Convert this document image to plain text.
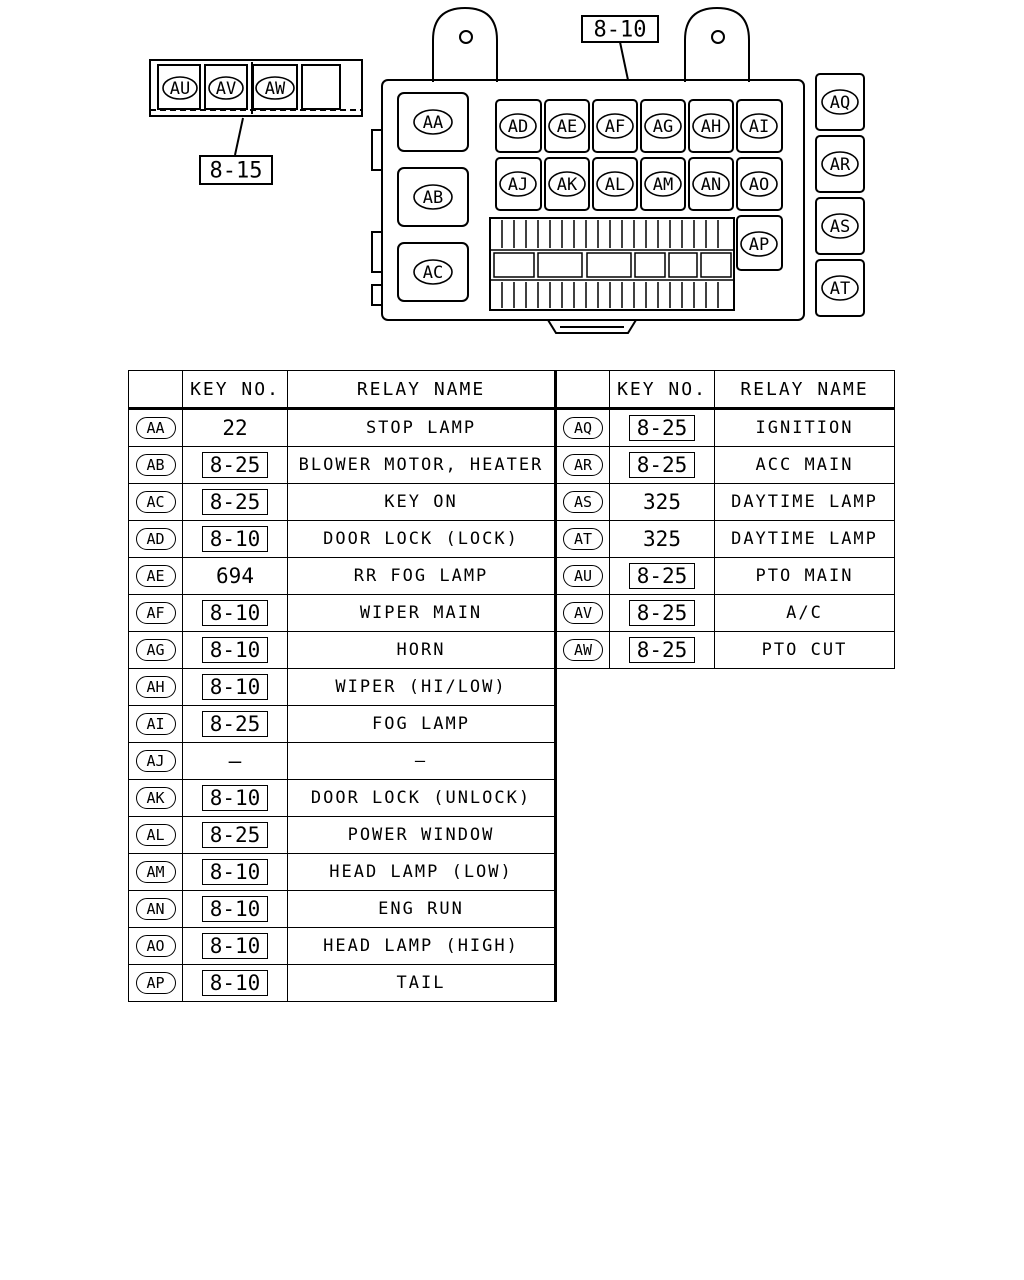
8-15
8-10
AU AV AW
AA
AB
AC
AD AE AF AG AH AI
AJ AK AL AM AN AO
AP
AQ
AR
AS
AT
	KEY NO.	RELAY NAME		KEY NO.	RELAY NAME
AA	22	STOP LAMP	AQ	8-25	IGNITION
AB	8-25	BLOWER MOTOR, HEATER	AR	8-25	ACC MAIN
AC	8-25	KEY ON	AS	325	DAYTIME LAMP
AD	8-10	DOOR LOCK (LOCK)	AT	325	DAYTIME LAMP
AE	694	RR FOG LAMP	AU	8-25	PTO MAIN
AF	8-10	WIPER MAIN	AV	8-25	A/C
AG	8-10	HORN	AW	8-25	PTO CUT
AH	8-10	WIPER (HI/LOW)			
AI	8-25	FOG LAMP			
AJ	—	—			
AK	8-10	DOOR LOCK (UNLOCK)			
AL	8-25	POWER WINDOW			
AM	8-10	HEAD LAMP (LOW)			
AN	8-10	ENG RUN			
AO	8-10	HEAD LAMP (HIGH)			
AP	8-10	TAIL			
